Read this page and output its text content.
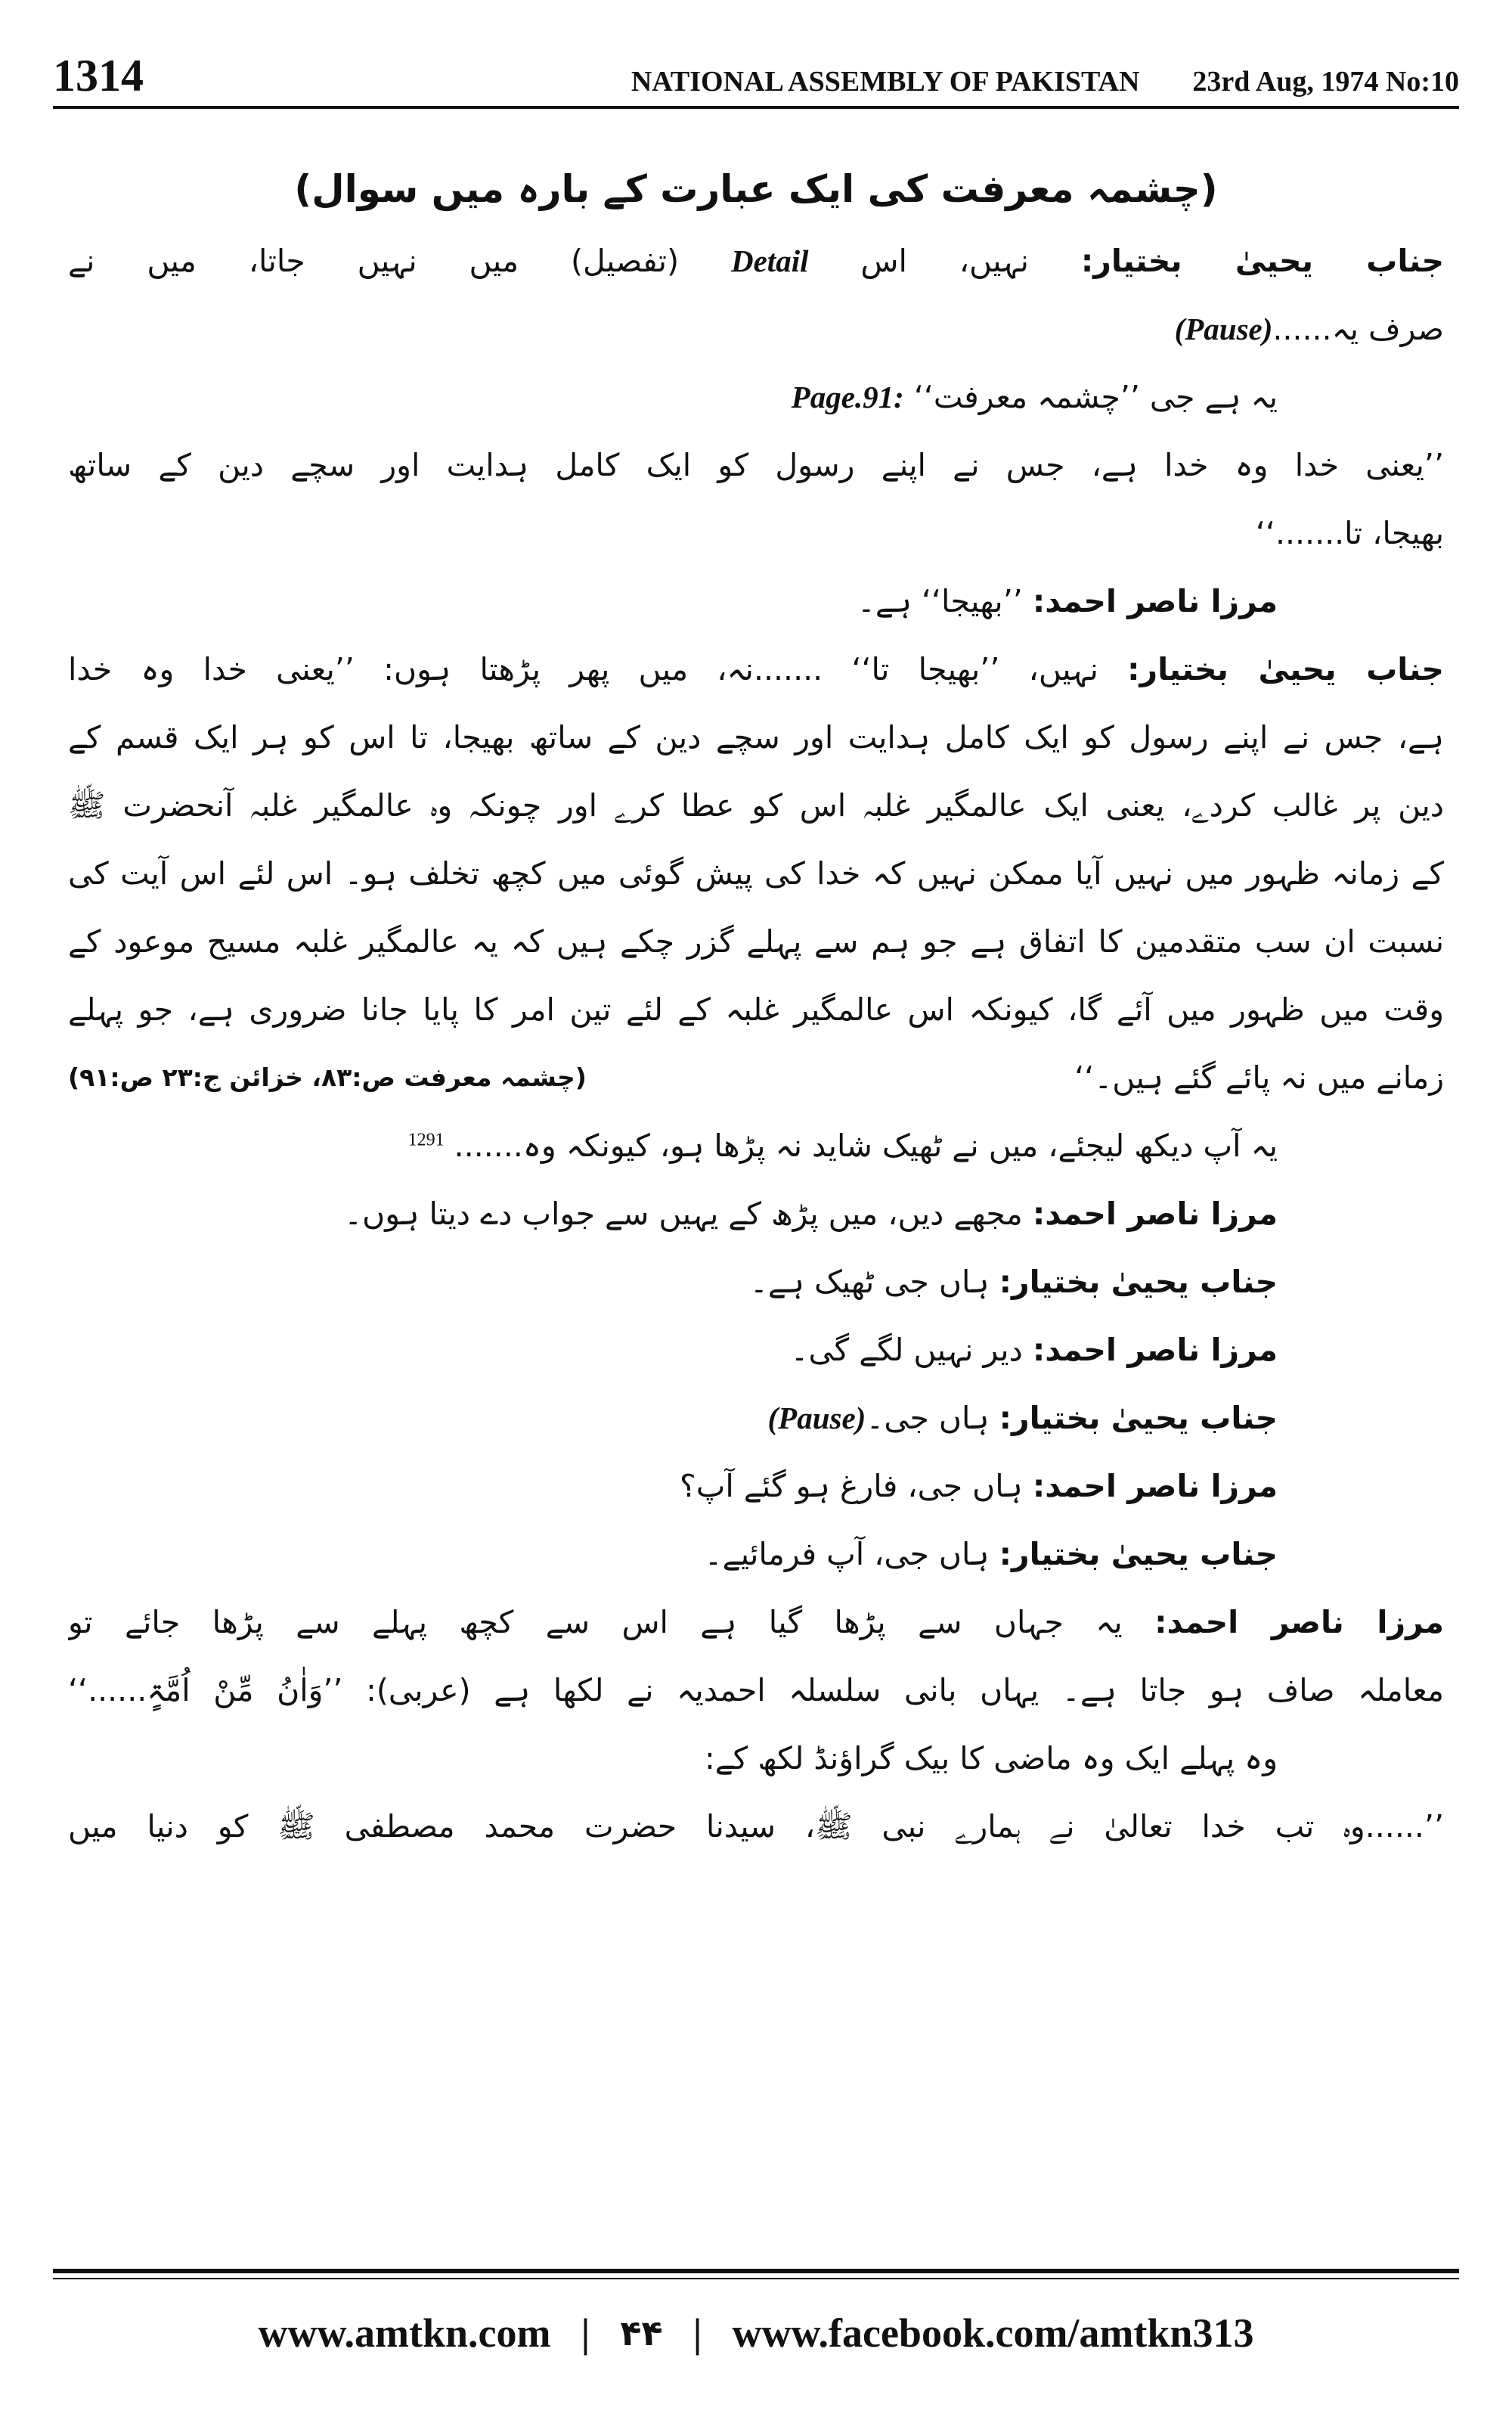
1314	NATIONAL ASSEMBLY OF PAKISTAN 23rd Aug, 1974 No:10
(چشمہ معرفت کی ایک عبارت کے بارہ میں سوال)
جناب یحییٰ بختیار: نہیں، اس Detail (تفصیل) میں نہیں جاتا، میں نے
صرف یہ......(Pause)
یہ ہے جی ’’چشمہ معرفت‘‘ Page.91:
’’یعنی خدا وہ خدا ہے، جس نے اپنے رسول کو ایک کامل ہدایت اور سچے دین کے ساتھ
بھیجا، تا.......‘‘
مرزا ناصر احمد: ’’بھیجا‘‘ ہے۔
جناب یحییٰ بختیار: نہیں، ’’بھیجا تا‘‘ .......نہ، میں پھر پڑھتا ہوں: ’’یعنی خدا وہ خدا
ہے، جس نے اپنے رسول کو ایک کامل ہدایت اور سچے دین کے ساتھ بھیجا، تا اس کو ہر ایک قسم کے
دین پر غالب کردے، یعنی ایک عالمگیر غلبہ اس کو عطا کرے اور چونکہ وہ عالمگیر غلبہ آنحضرت ﷺ
کے زمانہ ظہور میں نہیں آیا ممکن نہیں کہ خدا کی پیش گوئی میں کچھ تخلف ہو۔ اس لئے اس آیت کی
نسبت ان سب متقدمین کا اتفاق ہے جو ہم سے پہلے گزر چکے ہیں کہ یہ عالمگیر غلبہ مسیح موعود کے
وقت میں ظہور میں آئے گا، کیونکہ اس عالمگیر غلبہ کے لئے تین امر کا پایا جانا ضروری ہے، جو پہلے
زمانے میں نہ پائے گئے ہیں۔‘‘
(چشمہ معرفت ص:۸۳، خزائن ج:۲۳ ص:۹۱)
یہ آپ دیکھ لیجئے، میں نے ٹھیک شاید نہ پڑھا ہو، کیونکہ وہ....... $^{1291}$
مرزا ناصر احمد: مجھے دیں، میں پڑھ کے یہیں سے جواب دے دیتا ہوں۔
جناب یحییٰ بختیار: ہاں جی ٹھیک ہے۔
مرزا ناصر احمد: دیر نہیں لگے گی۔
جناب یحییٰ بختیار: ہاں جی۔(Pause)
مرزا ناصر احمد: ہاں جی، فارغ ہو گئے آپ؟
جناب یحییٰ بختیار: ہاں جی، آپ فرمائیے۔
مرزا ناصر احمد: یہ جہاں سے پڑھا گیا ہے اس سے کچھ پہلے سے پڑھا جائے تو
معاملہ صاف ہو جاتا ہے۔ یہاں بانی سلسلہ احمدیہ نے لکھا ہے (عربی): ’’وَاٰنُ مِّنْ اُمَّۃٍ......‘‘
وہ پہلے ایک وہ ماضی کا بیک گراؤنڈ لکھ کے:
’’......وہ تب خدا تعالیٰ نے ہمارے نبی ﷺ، سیدنا حضرت محمد مصطفی ﷺ کو دنیا میں
www.amtkn.com | ۴۴ | www.facebook.com/amtkn313
